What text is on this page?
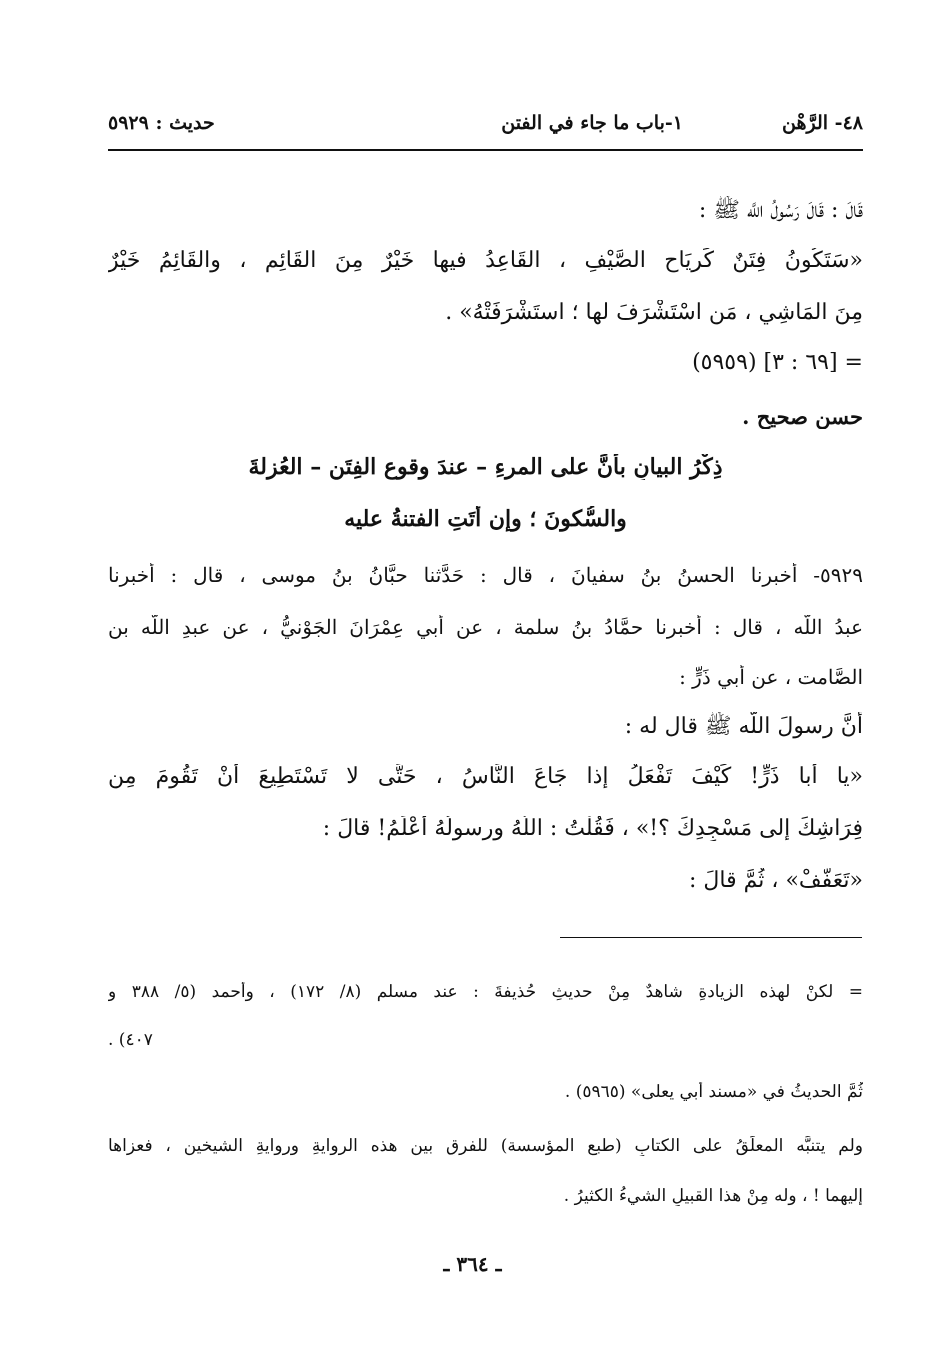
٤٨- الرَّهْن
١-باب ما جاء في الفتن
حديث : ٥٩٢٩
قَالَ : قَالَ رَسُولُ اللَّه ﷺ :
«سَتَكُونُ فِتَنٌ كَرِيَاحِ الصَّيْفِ ، القَاعِدُ فيها خَيْرٌ مِنَ القَائِمِ ، والقَائِمُ خَيْرٌ
مِنَ المَاشِي ، مَنِ اسْتَشْرَفَ لها ؛ استَشْرَفَتْهُ» .
= [٦٩ : ٣] (٥٩٥٩)
حسن صحيح .
ذِكْرُ البيانِ بأنَّ على المرءِ – عندَ وقوعِ الفِتَنِ – العُزلةَ
والسُّكونَ ؛ وإن أَتَتِ الفتنةُ عليه
٥٩٢٩- أخبرنا الحسنُ بنُ سفيانَ ، قال : حَدَّثنا حبَّانُ بنُ موسى ، قال : أخبرنا
عبدُ اللَّه ، قال : أخبرنا حمَّادُ بنُ سلمة ، عن أبي عِمْرَانَ الجَوْنيُّ ، عن عبدِ اللَّه بنِ
الصَّامت ، عن أبي ذَرٍّ :
أنَّ رسولَ اللَّه ﷺ قال له :
«يا أبا ذَرٍّ! كَيْفَ تَفْعَلُ إذا جَاعَ النَّاسُ ، حَتَّى لا تَسْتَطِيعَ أَنْ تَقُومَ مِن
فِرَاشِكَ إلى مَسْجِدِكَ ؟!» ، فَقُلْتُ : اللَّهُ ورسولُهُ أَعْلَمُ! قالَ :
«تَعَفَّفْ» ، ثُمَّ قالَ :
= لكنْ لهذه الزيادةِ شاهدٌ مِنْ حديثِ حُذيفةَ : عند مسلمٍ (٨/ ١٧٢) ، وأحمد (٥/ ٣٨٨ و
٤٠٧) .
ثُمَّ الحديثُ في «مسند أبي يعلى» (٥٩٦٥) .
ولم يتنبَّه المعلِّقُ على الكتابِ (طبع المؤسسة) للفرقِ بين هذه الروايةِ وروايةِ الشيخين ، فعزاها
إليهما ! ، وله مِنْ هذا القبيلِ الشيءُ الكثيرُ .
ـ ٣٦٤ ـ
